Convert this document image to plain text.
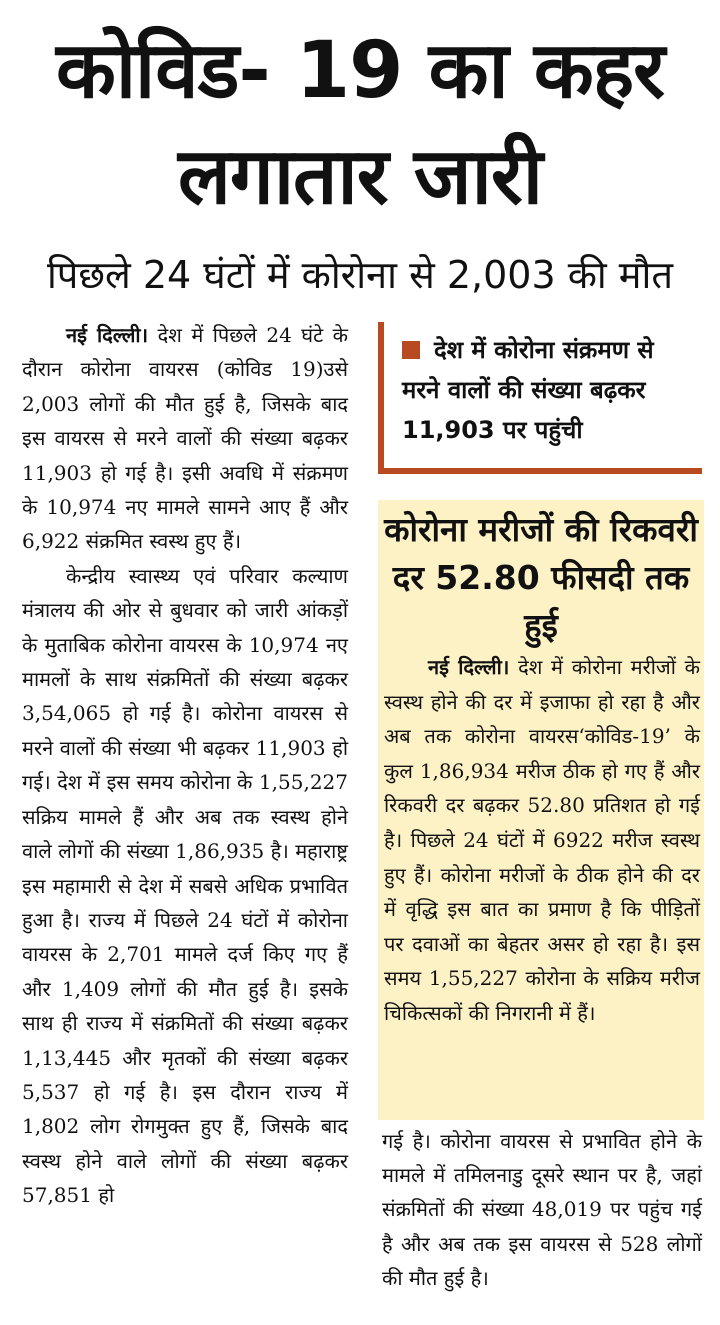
कोविड- 19 का कहर
लगातार जारी
पिछले 24 घंटों में कोरोना से 2,003 की मौत

नई दिल्ली। देश में पिछले 24 घंटे के दौरान कोरोना वायरस (कोविड 19)उसे 2,003 लोगों की मौत हुई है, जिसके बाद इस वायरस से मरने वालों की संख्या बढ़कर 11,903 हो गई है। इसी अवधि में संक्रमण के 10,974 नए मामले सामने आए हैं और 6,922 संक्रमित स्वस्थ हुए हैं।

केन्द्रीय स्वास्थ्य एवं परिवार कल्याण मंत्रालय की ओर से बुधवार को जारी आंकड़ों के मुताबिक कोरोना वायरस के 10,974 नए मामलों के साथ संक्रमितों की संख्या बढ़कर 3,54,065 हो गई है। कोरोना वायरस से मरने वालों की संख्या भी बढ़कर 11,903 हो गई। देश में इस समय कोरोना के 1,55,227 सक्रिय मामले हैं और अब तक स्वस्थ होने वाले लोगों की संख्या 1,86,935 है। महाराष्ट्र इस महामारी से देश में सबसे अधिक प्रभावित हुआ है। राज्य में पिछले 24 घंटों में कोरोना वायरस के 2,701 मामले दर्ज किए गए हैं और 1,409 लोगों की मौत हुई है। इसके साथ ही राज्य में संक्रमितों की संख्या बढ़कर 1,13,445 और मृतकों की संख्या बढ़कर 5,537 हो गई है। इस दौरान राज्य में 1,802 लोग रोगमुक्त हुए हैं, जिसके बाद स्वस्थ होने वाले लोगों की संख्या बढ़कर 57,851 हो

देश में कोरोना संक्रमण से मरने वालों की संख्या बढ़कर 11,903 पर पहुंची
कोरोना मरीजों की रिकवरी दर 52.80 फीसदी तक हुई

नई दिल्ली। देश में कोरोना मरीजों के स्वस्थ होने की दर में इजाफा हो रहा है और अब तक कोरोना वायरस‘कोविड-19’ के कुल 1,86,934 मरीज ठीक हो गए हैं और रिकवरी दर बढ़कर 52.80 प्रतिशत हो गई है। पिछले 24 घंटों में 6922 मरीज स्वस्थ हुए हैं। कोरोना मरीजों के ठीक होने की दर में वृद्धि इस बात का प्रमाण है कि पीड़ितों पर दवाओं का बेहतर असर हो रहा है। इस समय 1,55,227 कोरोना के सक्रिय मरीज चिकित्सकों की निगरानी में हैं।

गई है। कोरोना वायरस से प्रभावित होने के मामले में तमिलनाडु दूसरे स्थान पर है, जहां संक्रमितों की संख्या 48,019 पर पहुंच गई है और अब तक इस वायरस से 528 लोगों की मौत हुई है।
